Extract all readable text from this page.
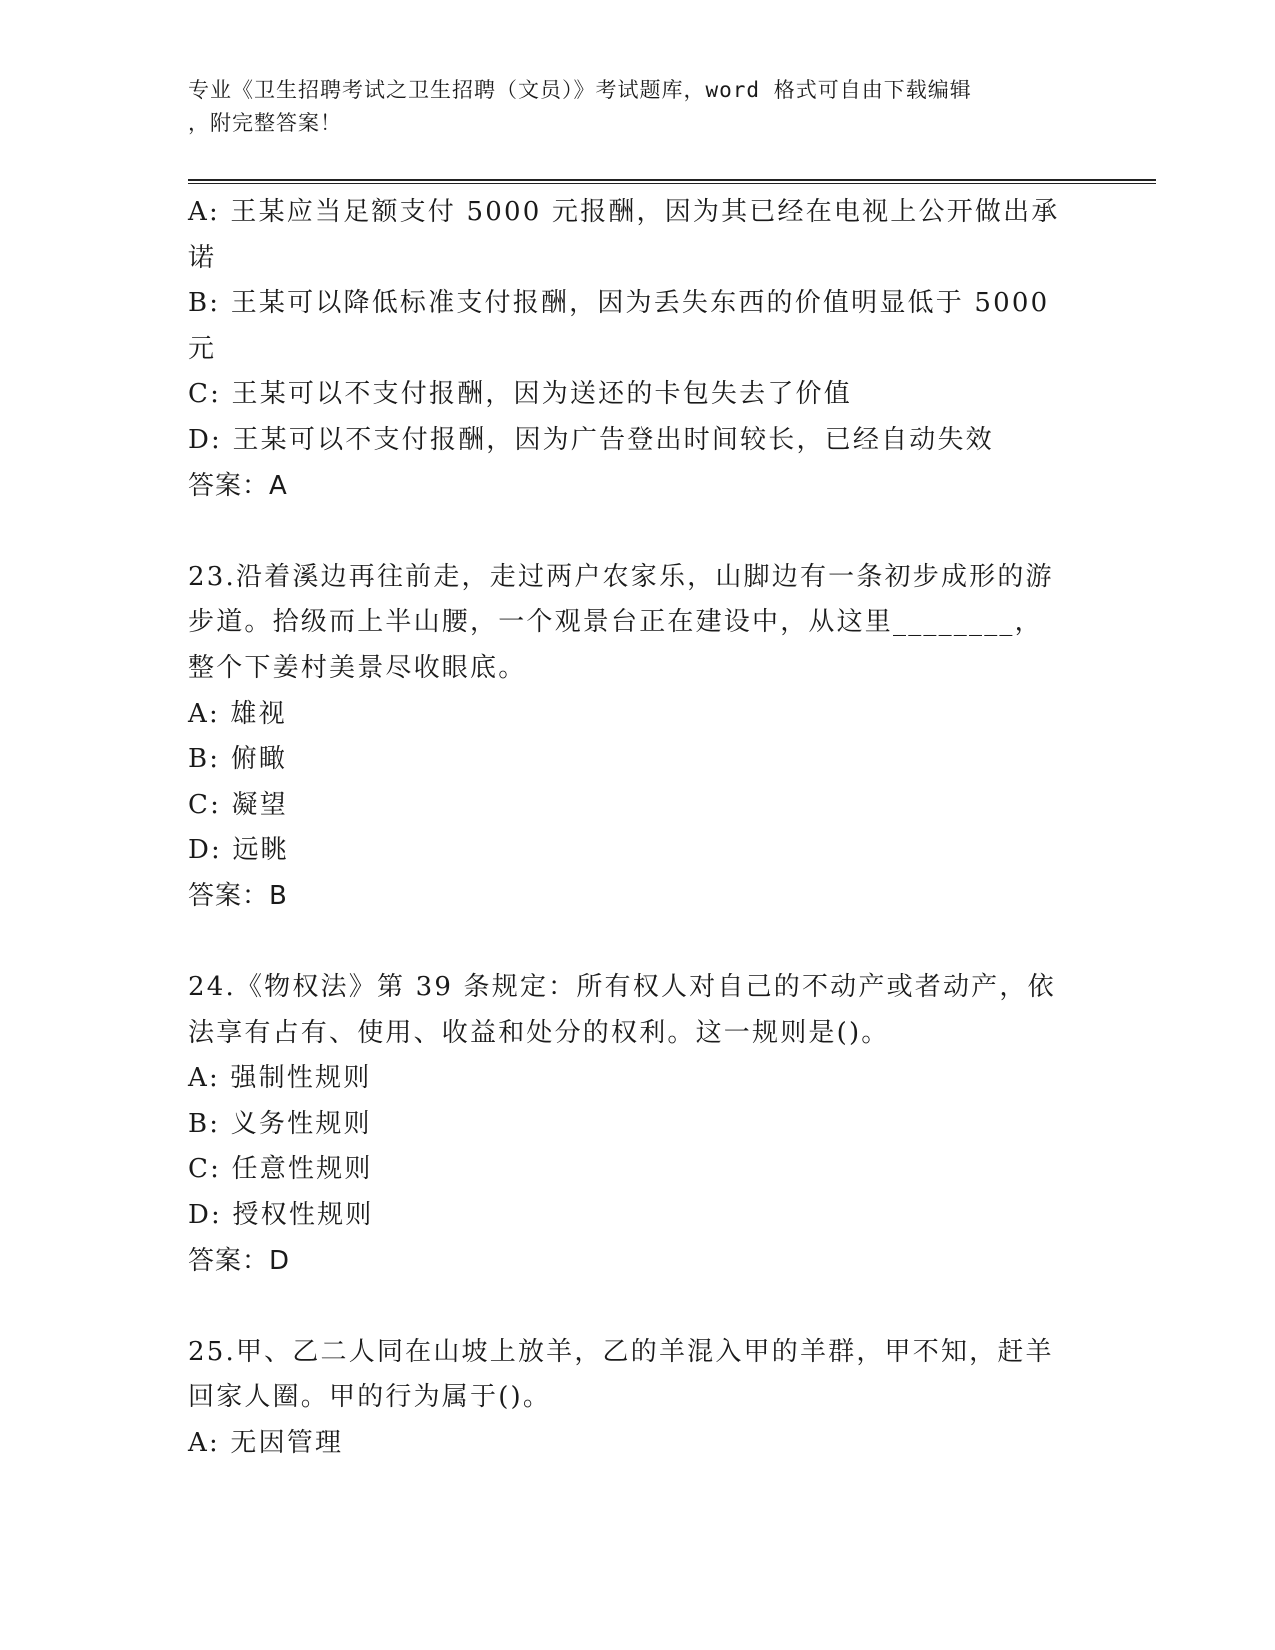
专业《卫生招聘考试之卫生招聘（文员）》考试题库，word 格式可自由下载编辑
，附完整答案！
A: 王某应当足额支付 5000 元报酬，因为其已经在电视上公开做出承
诺
B: 王某可以降低标准支付报酬，因为丢失东西的价值明显低于 5000
元
C: 王某可以不支付报酬，因为送还的卡包失去了价值
D: 王某可以不支付报酬，因为广告登出时间较长，已经自动失效
答案：A
23.沿着溪边再往前走，走过两户农家乐，山脚边有一条初步成形的游
步道。拾级而上半山腰，一个观景台正在建设中，从这里________，
整个下姜村美景尽收眼底。
A: 雄视
B: 俯瞰
C: 凝望
D: 远眺
答案：B
24.《物权法》第 39 条规定：所有权人对自己的不动产或者动产，依
法享有占有、使用、收益和处分的权利。这一规则是()。
A: 强制性规则
B: 义务性规则
C: 任意性规则
D: 授权性规则
答案：D
25.甲、乙二人同在山坡上放羊，乙的羊混入甲的羊群，甲不知，赶羊
回家人圈。甲的行为属于()。
A: 无因管理
